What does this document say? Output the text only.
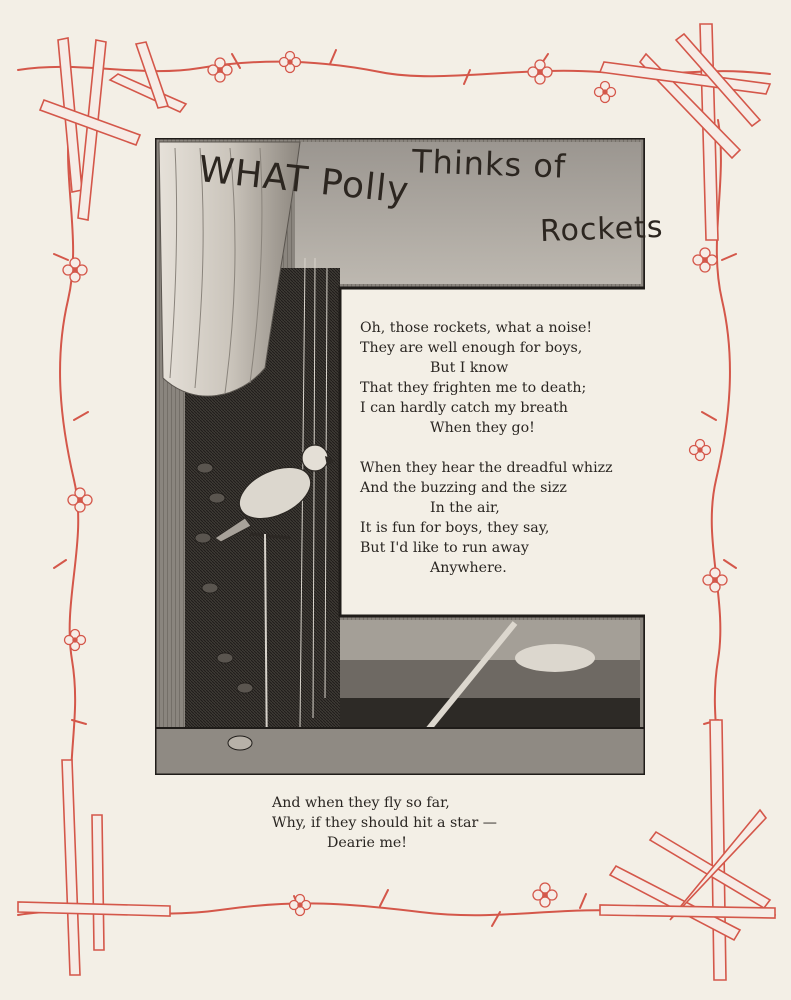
WHAT Polly Thinks of
Rockets
Oh, those rockets, what a noise!
They are well enough for boys,
But I know
That they frighten me to death;
I can hardly catch my breath
When they go!
When they hear the dreadful whizz
And the buzzing and the sizz
In the air,
It is fun for boys, they say,
But I'd like to run away
Anywhere.
And when they fly so far,
Why, if they should hit a star —
Dearie me!
